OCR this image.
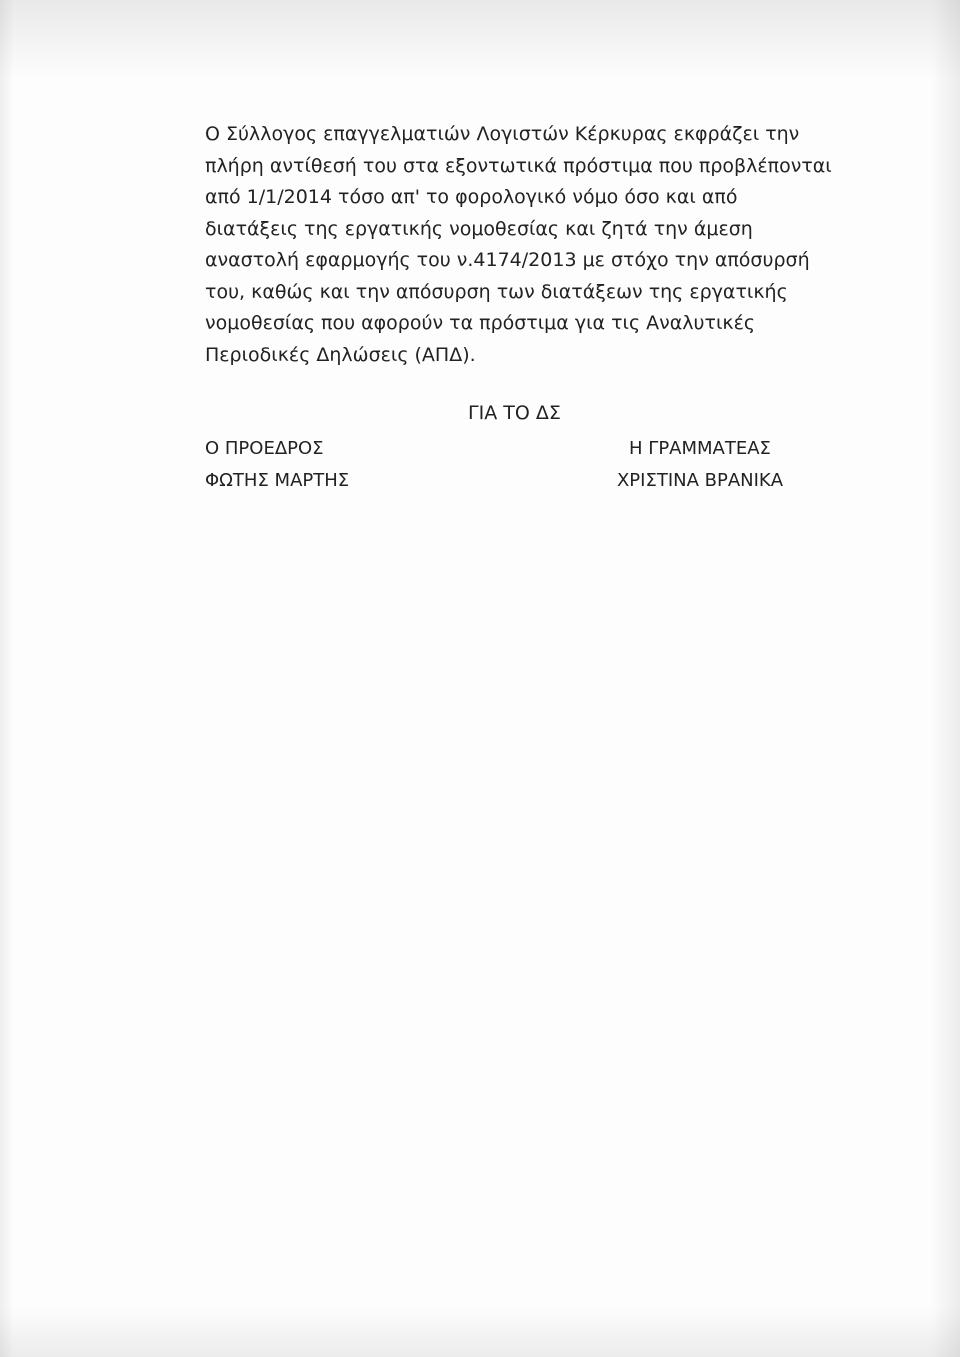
Ο Σύλλογος επαγγελματιών Λογιστών Κέρκυρας εκφράζει την
πλήρη αντίθεσή του στα εξοντωτικά πρόστιμα που προβλέπονται
από 1/1/2014 τόσο απ' το φορολογικό νόμο όσο και από
διατάξεις της εργατικής νομοθεσίας και ζητά την άμεση
αναστολή εφαρμογής του ν.4174/2013 με στόχο την απόσυρσή
του, καθώς και την απόσυρση των διατάξεων της εργατικής
νομοθεσίας που αφορούν τα πρόστιμα για τις Αναλυτικές
Περιοδικές Δηλώσεις (ΑΠΔ).

ΓΙΑ ΤΟ ΔΣ

Ο ΠΡΟΕΔΡΟΣ
ΦΩΤΗΣ ΜΑΡΤΗΣ
Η ΓΡΑΜΜΑΤΕΑΣ
ΧΡΙΣΤΙΝΑ ΒΡΑΝΙΚΑ
